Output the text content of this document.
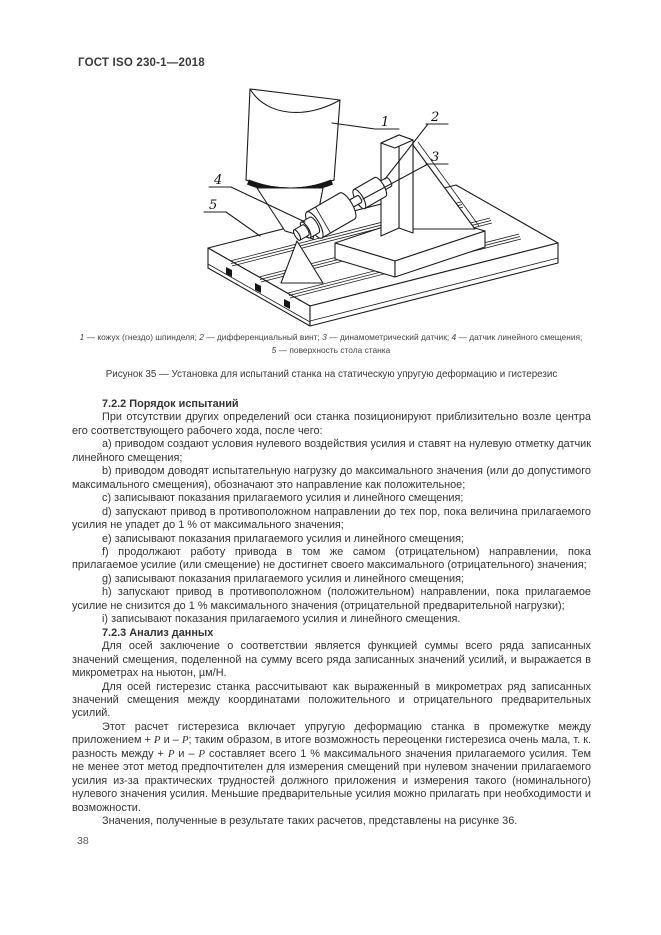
ГОСТ ISO 230-1—2018
1	2
3
4
5
1 — кожух (гнездо) шпинделя; 2 — дифференциальный винт; 3 — динамометрический датчик; 4 — датчик линейного смещения;
5 — поверхность стола станка
Рисунок 35 — Установка для испытаний станка на статическую упругую деформацию и гистерезис
7.2.2 Порядок испытаний

При отсутствии других определений оси станка позиционируют приблизительно возле центра его соответствующего рабочего хода, после чего:

a) приводом создают условия нулевого воздействия усилия и ставят на нулевую отметку датчик линейного смещения;

b) приводом доводят испытательную нагрузку до максимального значения (или до допустимого максимального смещения), обозначают это направление как положительное;

c) записывают показания прилагаемого усилия и линейного смещения;

d) запускают привод в противоположном направлении до тех пор, пока величина прилагаемого усилия не упадет до 1 % от максимального значения;

e) записывают показания прилагаемого усилия и линейного смещения;

f) продолжают работу привода в том же самом (отрицательном) направлении, пока прилагаемое усилие (или смещение) не достигнет своего максимального (отрицательного) значения;

g) записывают показания прилагаемого усилия и линейного смещения;

h) запускают привод в противоположном (положительном) направлении, пока прилагаемое усилие не снизится до 1 % максимального значения (отрицательной предварительной нагрузки);

i) записывают показания прилагаемого усилия и линейного смещения.

7.2.3 Анализ данных

Для осей заключение о соответствии является функцией суммы всего ряда записанных значений смещения, поделенной на сумму всего ряда записанных значений усилий, и выражается в микрометрах на ньютон, µм/Н.

Для осей гистерезис станка рассчитывают как выраженный в микрометрах ряд записанных значений смещения между координатами положительного и отрицательного предварительных усилий.

Этот расчет гистерезиса включает упругую деформацию станка в промежутке между приложением + Р и – Р; таким образом, в итоге возможность переоценки гистерезиса очень мала, т. к. разность между + Р и – Р составляет всего 1 % максимального значения прилагаемого усилия. Тем не менее этот метод предпочтителен для измерения смещений при нулевом значении прилагаемого усилия из-за практических трудностей должного приложения и измерения такого (номинального) нулевого значения усилия. Меньшие предварительные усилия можно прилагать при необходимости и возможности.

Значения, полученные в результате таких расчетов, представлены на рисунке 36.

38
